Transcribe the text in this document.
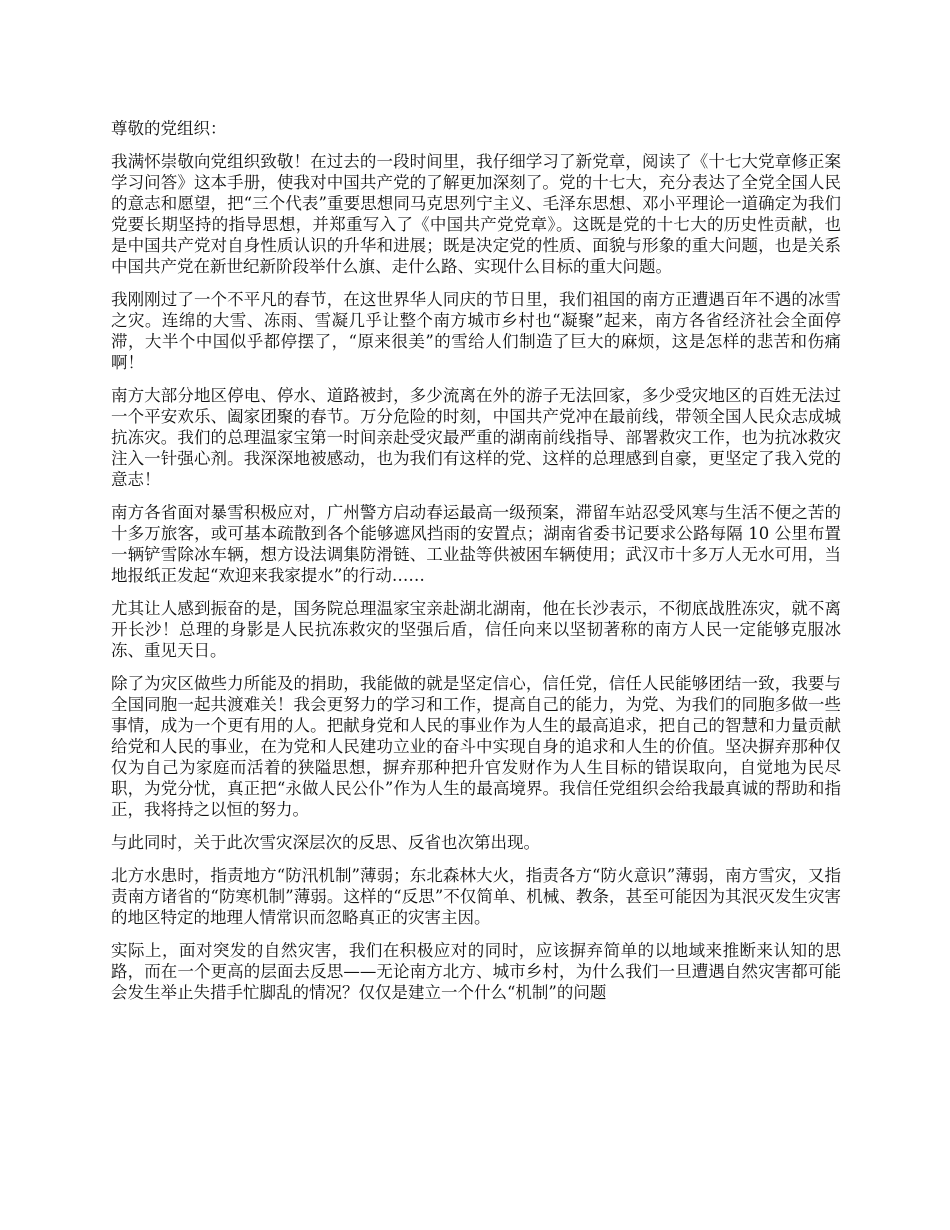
尊敬的党组织：

我满怀崇敬向党组织致敬！在过去的一段时间里，我仔细学习了新党章，阅读了《十七大党章修正案学习问答》这本手册，使我对中国共产党的了解更加深刻了。党的十七大，充分表达了全党全国人民的意志和愿望，把“三个代表”重要思想同马克思列宁主义、毛泽东思想、邓小平理论一道确定为我们党要长期坚持的指导思想，并郑重写入了《中国共产党党章》。这既是党的十七大的历史性贡献，也是中国共产党对自身性质认识的升华和进展；既是决定党的性质、面貌与形象的重大问题，也是关系中国共产党在新世纪新阶段举什么旗、走什么路、实现什么目标的重大问题。

我刚刚过了一个不平凡的春节，在这世界华人同庆的节日里，我们祖国的南方正遭遇百年不遇的冰雪之灾。连绵的大雪、冻雨、雪凝几乎让整个南方城市乡村也“凝聚”起来，南方各省经济社会全面停滞，大半个中国似乎都停摆了，“原来很美”的雪给人们制造了巨大的麻烦，这是怎样的悲苦和伤痛啊！

南方大部分地区停电、停水、道路被封，多少流离在外的游子无法回家，多少受灾地区的百姓无法过一个平安欢乐、阖家团聚的春节。万分危险的时刻，中国共产党冲在最前线，带领全国人民众志成城抗冻灾。我们的总理温家宝第一时间亲赴受灾最严重的湖南前线指导、部署救灾工作，也为抗冰救灾注入一针强心剂。我深深地被感动，也为我们有这样的党、这样的总理感到自豪，更坚定了我入党的意志！

南方各省面对暴雪积极应对，广州警方启动春运最高一级预案，滞留车站忍受风寒与生活不便之苦的十多万旅客，或可基本疏散到各个能够遮风挡雨的安置点；湖南省委书记要求公路每隔 10 公里布置一辆铲雪除冰车辆，想方设法调集防滑链、工业盐等供被困车辆使用；武汉市十多万人无水可用，当地报纸正发起“欢迎来我家提水”的行动……

尤其让人感到振奋的是，国务院总理温家宝亲赴湖北湖南，他在长沙表示，不彻底战胜冻灾，就不离开长沙！总理的身影是人民抗冻救灾的坚强后盾，信任向来以坚韧著称的南方人民一定能够克服冰冻、重见天日。

除了为灾区做些力所能及的捐助，我能做的就是坚定信心，信任党，信任人民能够团结一致，我要与全国同胞一起共渡难关！我会更努力的学习和工作，提高自己的能力，为党、为我们的同胞多做一些事情，成为一个更有用的人。把献身党和人民的事业作为人生的最高追求，把自己的智慧和力量贡献给党和人民的事业，在为党和人民建功立业的奋斗中实现自身的追求和人生的价值。坚决摒弃那种仅仅为自己为家庭而活着的狭隘思想，摒弃那种把升官发财作为人生目标的错误取向，自觉地为民尽职，为党分忧，真正把“永做人民公仆”作为人生的最高境界。我信任党组织会给我最真诚的帮助和指正，我将持之以恒的努力。

与此同时，关于此次雪灾深层次的反思、反省也次第出现。

北方水患时，指责地方“防汛机制”薄弱；东北森林大火，指责各方“防火意识”薄弱，南方雪灾，又指责南方诸省的“防寒机制”薄弱。这样的“反思”不仅简单、机械、教条，甚至可能因为其泯灭发生灾害的地区特定的地理人情常识而忽略真正的灾害主因。

实际上，面对突发的自然灾害，我们在积极应对的同时，应该摒弃简单的以地域来推断来认知的思路，而在一个更高的层面去反思——无论南方北方、城市乡村，为什么我们一旦遭遇自然灾害都可能会发生举止失措手忙脚乱的情况？仅仅是建立一个什么“机制”的问题
